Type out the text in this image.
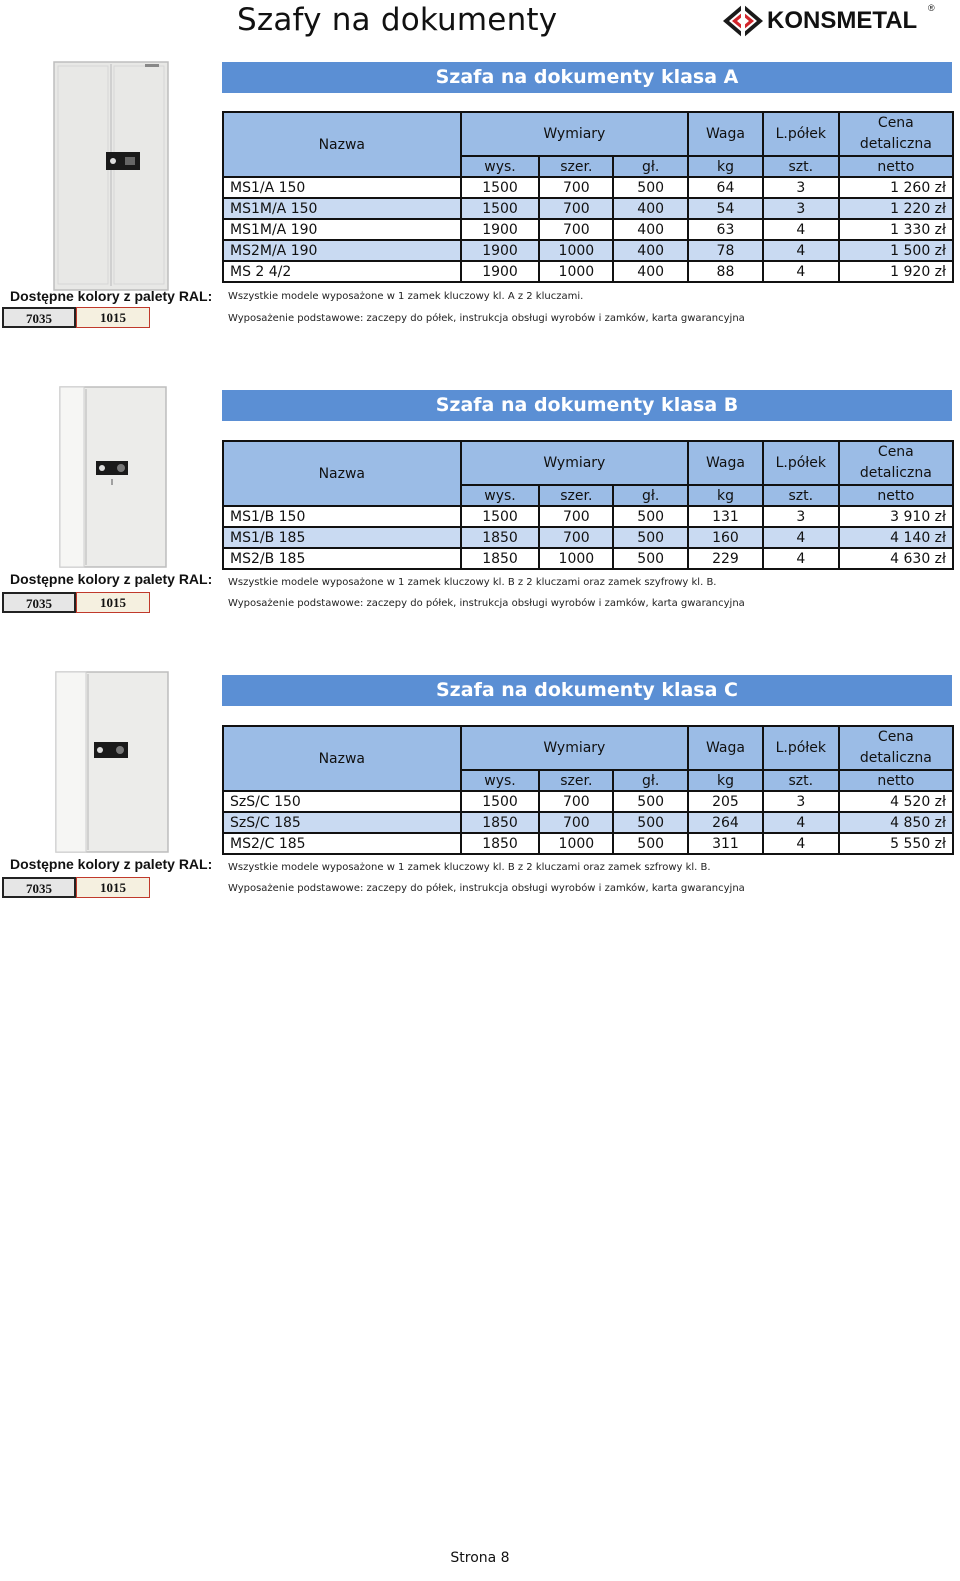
Szafy na dokumenty	KONSMETAL ®
Dostępne kolory z palety RAL:
7035	1015
Szafa na dokumenty klasa A
Nazwa	Wymiary			Waga	L.półek	Cena
detaliczna
	wys.	szer.	gł.	kg	szt.	netto
MS1/A 150	1500	700	500	64	3	1 260 zł
MS1M/A 150	1500	700	400	54	3	1 220 zł
MS1M/A 190	1900	700	400	63	4	1 330 zł
MS2M/A 190	1900	1000	400	78	4	1 500 zł
MS 2 4/2	1900	1000	400	88	4	1 920 zł
Wszystkie modele wyposażone w 1 zamek kluczowy kl. A z 2 kluczami.
Wyposażenie podstawowe: zaczepy do półek, instrukcja obsługi wyrobów i zamków, karta gwarancyjna
Dostępne kolory z palety RAL:
7035	1015
Szafa na dokumenty klasa B
Nazwa	Wymiary			Waga	L.półek	Cena
detaliczna
	wys.	szer.	gł.	kg	szt.	netto
MS1/B 150	1500	700	500	131	3	3 910 zł
MS1/B 185	1850	700	500	160	4	4 140 zł
MS2/B 185	1850	1000	500	229	4	4 630 zł
Wszystkie modele wyposażone w 1 zamek kluczowy kl. B z 2 kluczami oraz zamek szyfrowy kl. B.
Wyposażenie podstawowe: zaczepy do półek, instrukcja obsługi wyrobów i zamków, karta gwarancyjna
Dostępne kolory z palety RAL:
7035	1015
Szafa na dokumenty klasa C
Nazwa	Wymiary			Waga	L.półek	Cena
detaliczna
	wys.	szer.	gł.	kg	szt.	netto
SzS/C 150	1500	700	500	205	3	4 520 zł
SzS/C 185	1850	700	500	264	4	4 850 zł
MS2/C 185	1850	1000	500	311	4	5 550 zł
Wszystkie modele wyposażone w 1 zamek kluczowy kl. B z 2 kluczami oraz zamek szfrowy kl. B.
Wyposażenie podstawowe: zaczepy do półek, instrukcja obsługi wyrobów i zamków, karta gwarancyjna
Strona 8
